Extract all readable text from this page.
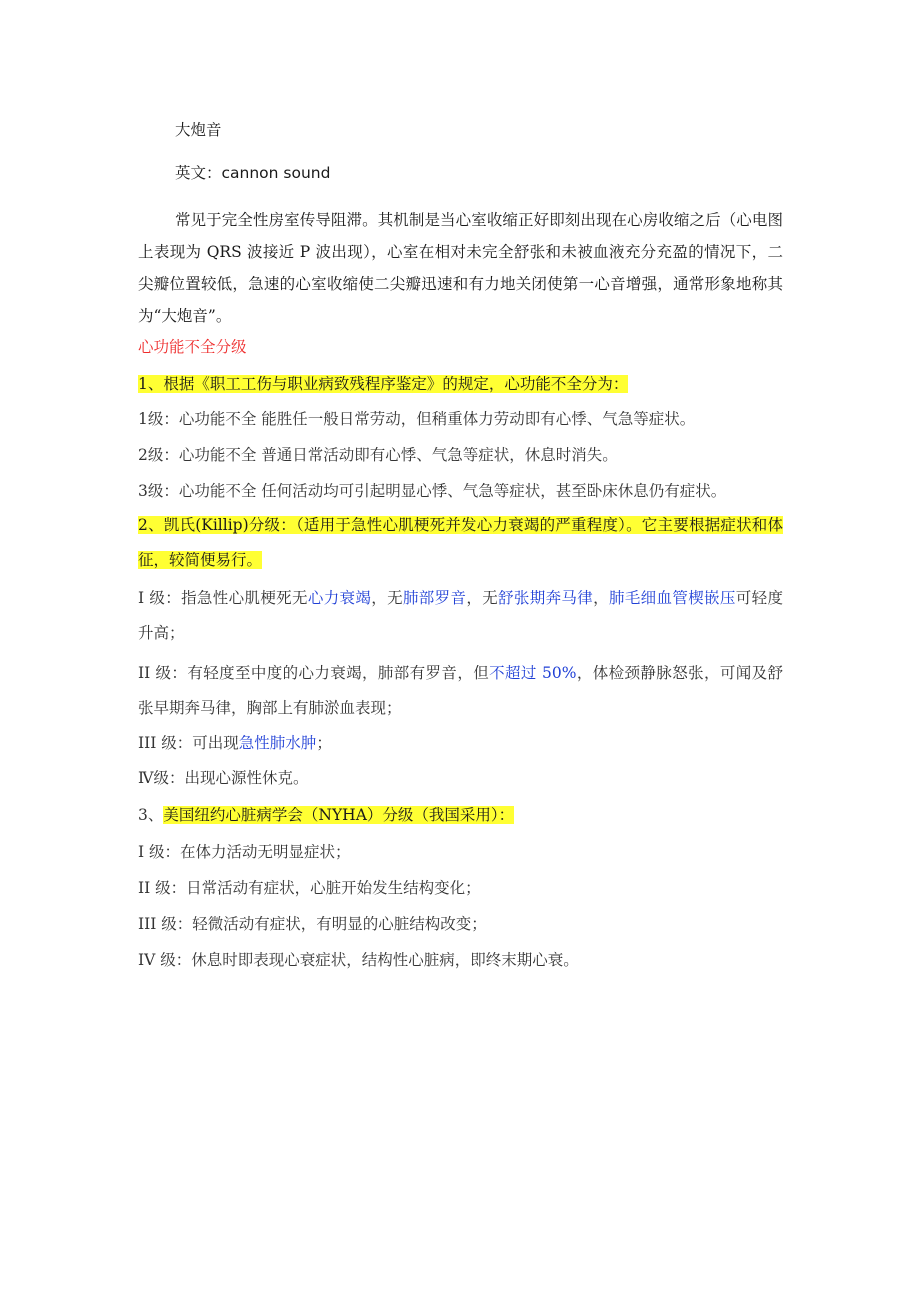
大炮音
英文：cannon sound
常见于完全性房室传导阻滞。其机制是当心室收缩正好即刻出现在心房收缩之后（心电图上表现为 QRS 波接近 P 波出现），心室在相对未完全舒张和未被血液充分充盈的情况下，二尖瓣位置较低，急速的心室收缩使二尖瓣迅速和有力地关闭使第一心音增强，通常形象地称其为“大炮音”。
心功能不全分级
1、根据《职工工伤与职业病致残程序鉴定》的规定，心功能不全分为：
1级：心功能不全 能胜任一般日常劳动，但稍重体力劳动即有心悸、气急等症状。
2级：心功能不全 普通日常活动即有心悸、气急等症状，休息时消失。
3级：心功能不全 任何活动均可引起明显心悸、气急等症状，甚至卧床休息仍有症状。
2、凯氏(Killip)分级：（适用于急性心肌梗死并发心力衰竭的严重程度）。它主要根据症状和体征，较简便易行。
I 级：指急性心肌梗死无心力衰竭，无肺部罗音，无舒张期奔马律，肺毛细血管楔嵌压可轻度升高；
II 级：有轻度至中度的心力衰竭，肺部有罗音，但不超过 50%，体检颈静脉怒张，可闻及舒张早期奔马律，胸部上有肺淤血表现；
III 级：可出现急性肺水肿；
Ⅳ级：出现心源性休克。
3、美国纽约心脏病学会（NYHA）分级（我国采用）：
I 级：在体力活动无明显症状；
II 级：日常活动有症状，心脏开始发生结构变化；
III 级：轻微活动有症状，有明显的心脏结构改变；
IV 级：休息时即表现心衰症状，结构性心脏病，即终末期心衰。
